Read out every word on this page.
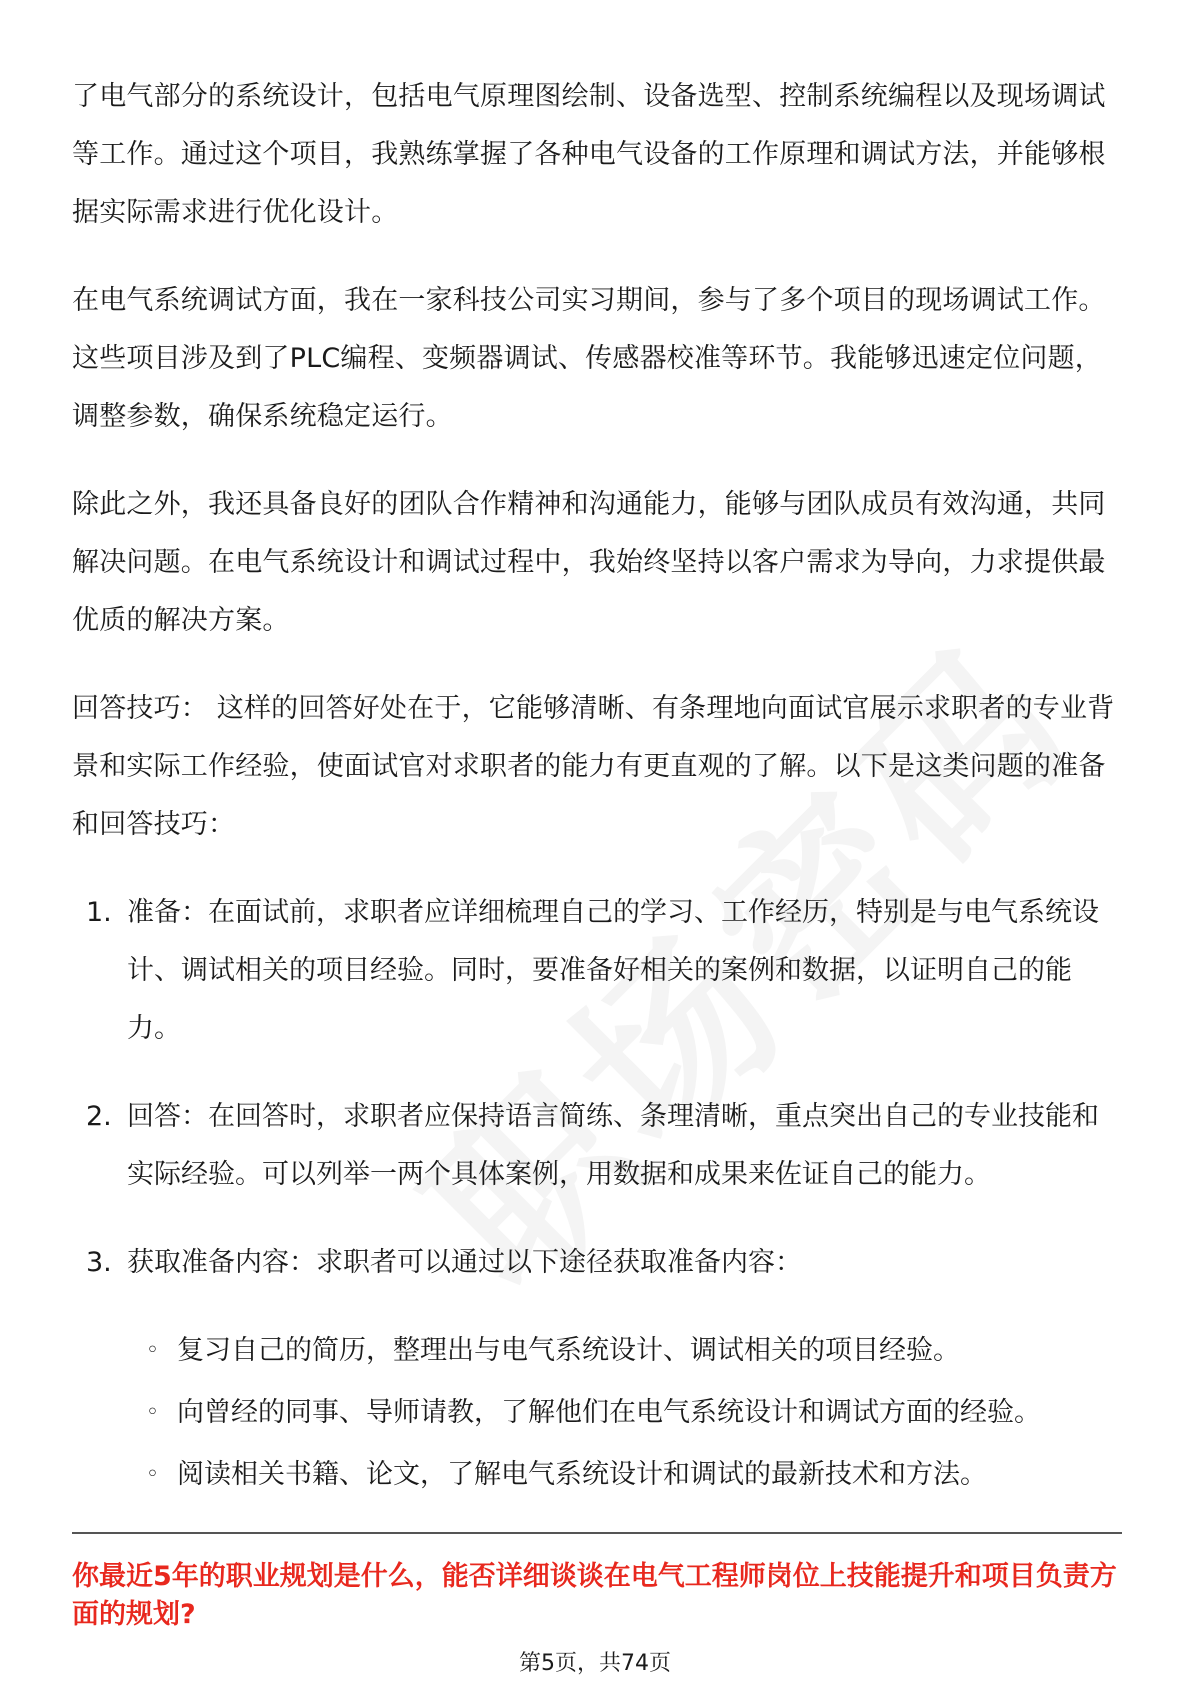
了电气部分的系统设计，包括电气原理图绘制、设备选型、控制系统编程以及现场调试等工作。通过这个项目，我熟练掌握了各种电气设备的工作原理和调试方法，并能够根据实际需求进行优化设计。

在电气系统调试方面，我在一家科技公司实习期间，参与了多个项目的现场调试工作。这些项目涉及到了PLC编程、变频器调试、传感器校准等环节。我能够迅速定位问题，调整参数，确保系统稳定运行。

除此之外，我还具备良好的团队合作精神和沟通能力，能够与团队成员有效沟通，共同解决问题。在电气系统设计和调试过程中，我始终坚持以客户需求为导向，力求提供最优质的解决方案。

回答技巧： 这样的回答好处在于，它能够清晰、有条理地向面试官展示求职者的专业背景和实际工作经验，使面试官对求职者的能力有更直观的了解。以下是这类问题的准备和回答技巧：

1. 准备：在面试前，求职者应详细梳理自己的学习、工作经历，特别是与电气系统设计、调试相关的项目经验。同时，要准备好相关的案例和数据，以证明自己的能力。
2. 回答：在回答时，求职者应保持语言简练、条理清晰，重点突出自己的专业技能和实际经验。可以列举一两个具体案例，用数据和成果来佐证自己的能力。
3. 获取准备内容：求职者可以通过以下途径获取准备内容：
◦ 复习自己的简历，整理出与电气系统设计、调试相关的项目经验。
◦ 向曾经的同事、导师请教，了解他们在电气系统设计和调试方面的经验。
◦ 阅读相关书籍、论文，了解电气系统设计和调试的最新技术和方法。
你最近5年的职业规划是什么，能否详细谈谈在电气工程师岗位上技能提升和项目负责方面的规划?
第5页，共74页
